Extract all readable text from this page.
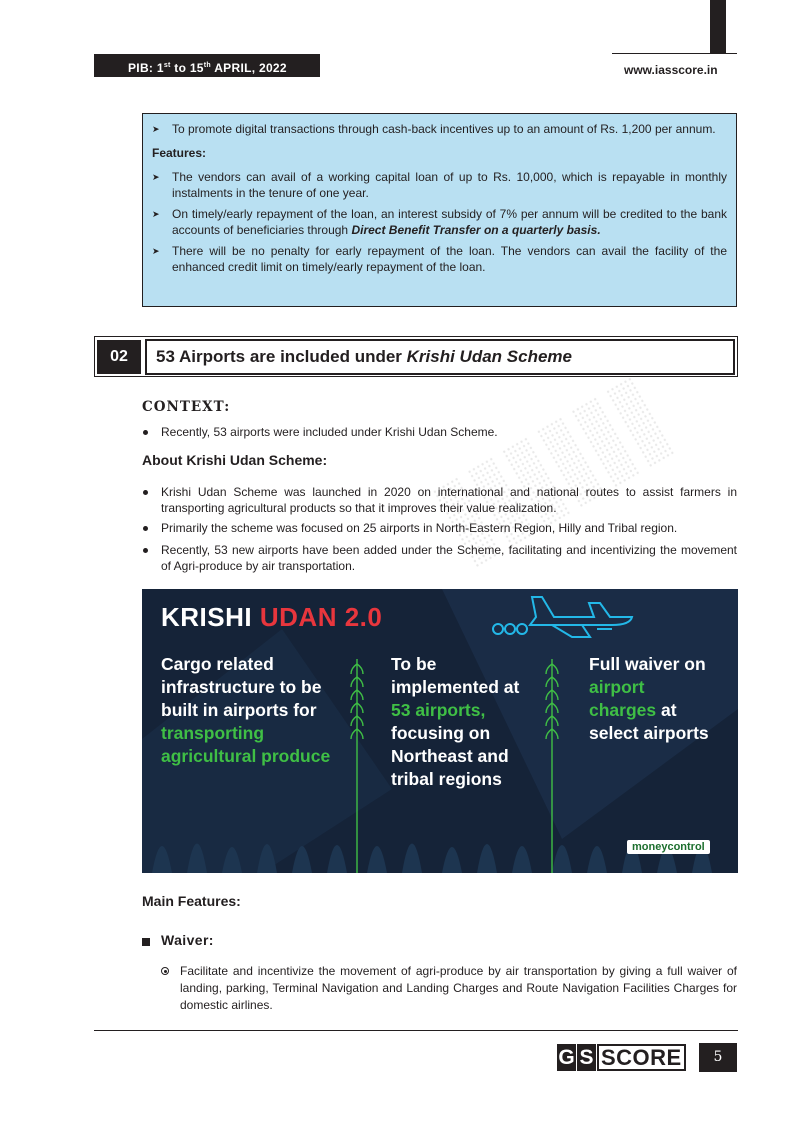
PIB: 1st to 15th APRIL, 2022	www.iasscore.in

➤ To promote digital transactions through cash-back incentives up to an amount of Rs. 1,200 per annum.

Features:

➤ The vendors can avail of a working capital loan of up to Rs. 10,000, which is repayable in monthly instalments in the tenure of one year.

➤ On timely/early repayment of the loan, an interest subsidy of 7% per annum will be credited to the bank accounts of beneficiaries through Direct Benefit Transfer on a quarterly basis.

➤ There will be no penalty for early repayment of the loan. The vendors can avail the facility of the enhanced credit limit on timely/early repayment of the loan.

02	53 Airports are included under Krishi Udan Scheme
CONTEXT:
Recently, 53 airports were included under Krishi Udan Scheme.
About Krishi Udan Scheme:
Krishi Udan Scheme was launched in 2020 on international and national routes to assist farmers in transporting agricultural products so that it improves their value realization.
Primarily the scheme was focused on 25 airports in North-Eastern Region, Hilly and Tribal region.
Recently, 53 new airports have been added under the Scheme, facilitating and incentivizing the movement of Agri-produce by air transportation.
KRISHI UDAN 2.0
Cargo related infrastructure to be built in airports for transporting agricultural produce
To be implemented at 53 airports, focusing on Northeast and tribal regions
Full waiver on airport charges at select airports
moneycontrol
Main Features:
Waiver:
Facilitate and incentivize the movement of agri-produce by air transportation by giving a full waiver of landing, parking, Terminal Navigation and Landing Charges and Route Navigation Facilities Charges for domestic airlines.
G S SCORE	5
